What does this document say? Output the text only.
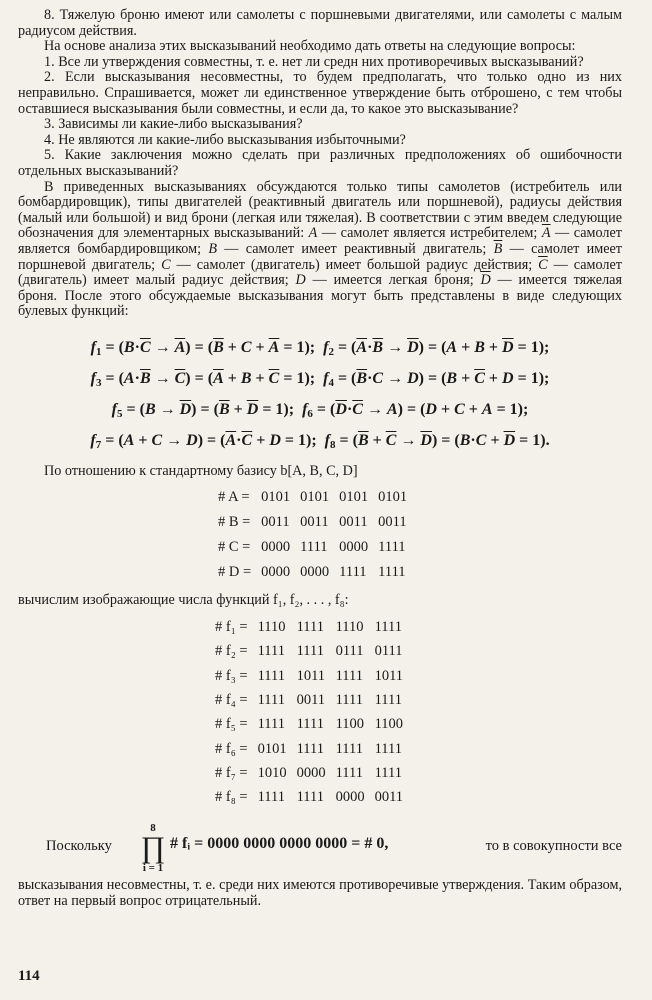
8. Тяжелую броню имеют или самолеты с поршневыми двигателями, или самолеты с малым радиусом действия.

На основе анализа этих высказываний необходимо дать ответы на следующие вопросы:

1. Все ли утверждения совместны, т. е. нет ли средн них противоречивых высказываний?

2. Если высказывания несовместны, то будем предполагать, что только одно из них неправильно. Спрашивается, может ли единственное утверждение быть отброшено, с тем чтобы оставшиеся высказывания были совместны, и если да, то какое это высказывание?

3. Зависимы ли какие-либо высказывания?

4. Не являются ли какие-либо высказывания избыточными?

5. Какие заключения можно сделать при различных предположениях об ошибочности отдельных высказываний?

В приведенных высказываниях обсуждаются только типы самолетов (истребитель или бомбардировщик), типы двигателей (реактивный двигатель или поршневой), радиусы действия (малый или большой) и вид брони (легкая или тяжелая). В соответствии с этим введем следующие обозначения для элементарных высказываний: A — самолет является истребителем; $\overline{A}$ — самолет является бомбардировщиком; B — самолет имеет реактивный двигатель; $\overline{B}$ — самолет имеет поршневой двигатель; C — самолет (двигатель) имеет большой радиус действия; $\overline{C}$ — самолет (двигатель) имеет малый радиус действия; D — имеется легкая броня; $\overline{D}$ — имеется тяжелая броня. После этого обсуждаемые высказывания могут быть представлены в виде следующих булевых функций:

$f_1 = (B\cdot\overline{C} \to \overline{A}) = (\overline{B} + C + \overline{A} = 1)$;  $f_2 = (\overline{A}\cdot\overline{B} \to \overline{D}) = (A + B + \overline{D} = 1)$;

$f_3 = (A\cdot\overline{B} \to \overline{C}) = (\overline{A} + B + \overline{C} = 1)$;  $f_4 = (\overline{B}\cdot C \to D) = (B + \overline{C} + D = 1)$;

$f_5 = (B \to \overline{D}) = (\overline{B} + \overline{D} = 1)$;  $f_6 = (\overline{D}\cdot\overline{C} \to A) = (D + C + A = 1)$;

$f_7 = (A + C \to D) = (\overline{A}\cdot\overline{C} + D = 1)$;  $f_8 = (\overline{B} + \overline{C} \to \overline{D}) = (B\cdot C + \overline{D} = 1)$.

По отношению к стандартному базису b[A, B, C, D]

# A =	0101	0101	0101	0101
# B =	0011	0011	0011	0011
# C =	0000	1111	0000	1111
# D =	0000	0000	1111	1111

вычислим изображающие числа функций f₁, f₂, . . . , f₈:

# f₁ =	1110	1111	1110	1111
# f₂ =	1111	1111	0111	0111
# f₃ =	1111	1011	1111	1011
# f₄ =	1111	0011	1111	1111
# f₅ =	1111	1111	1100	1100
# f₆ =	0101	1111	1111	1111
# f₇ =	1010	0000	1111	1111
# f₈ =	1111	1111	0000	0011
Поскольку
8
∏
i = 1
# fᵢ = 0000 0000 0000 0000 = # 0,	то в совокупности все

высказывания несовместны, т. е. среди них имеются противоречивые утверждения. Таким образом, ответ на первый вопрос отрицательный.

114
